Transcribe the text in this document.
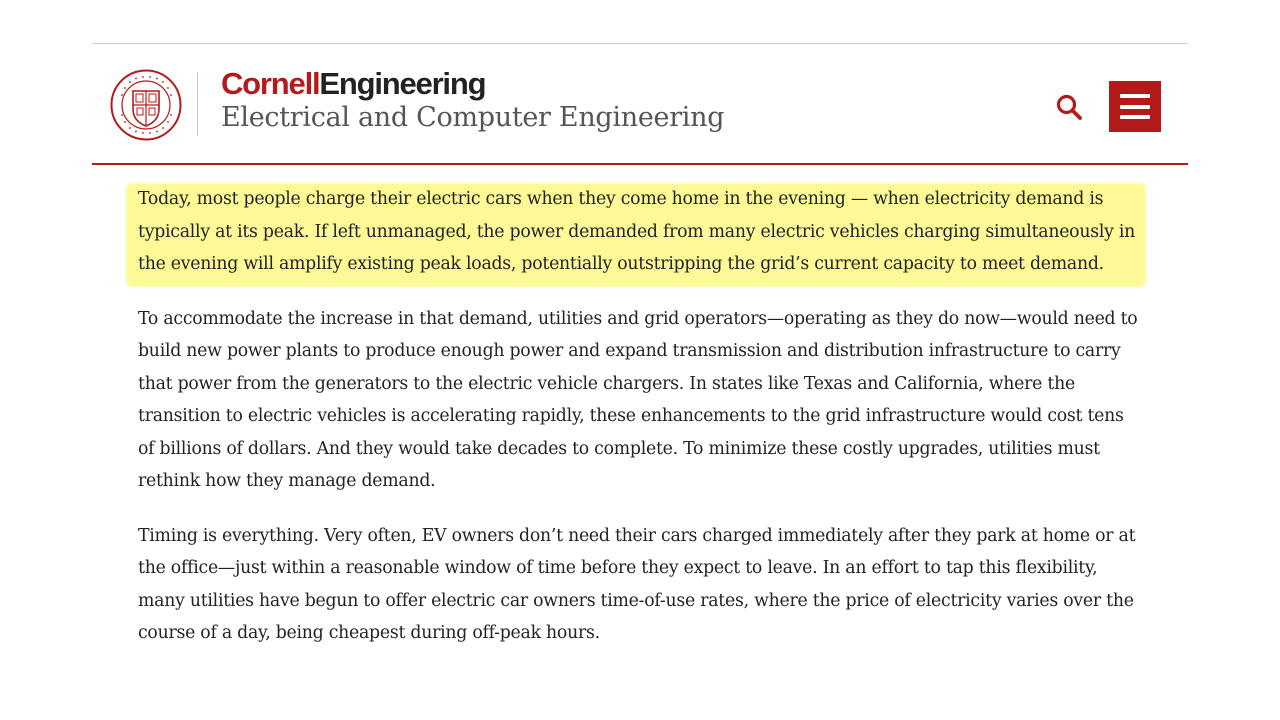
CornellEngineering
Electrical and Computer Engineering

Today, most people charge their electric cars when they come home in the evening — when electricity demand is typically at its peak. If left unmanaged, the power demanded from many electric vehicles charging simultaneously in the evening will amplify existing peak loads, potentially outstripping the grid’s current capacity to meet demand.

To accommodate the increase in that demand, utilities and grid operators—operating as they do now—would need to build new power plants to produce enough power and expand transmission and distribution infrastructure to carry that power from the generators to the electric vehicle chargers. In states like Texas and California, where the transition to electric vehicles is accelerating rapidly, these enhancements to the grid infrastructure would cost tens of billions of dollars. And they would take decades to complete. To minimize these costly upgrades, utilities must rethink how they manage demand.

Timing is everything. Very often, EV owners don’t need their cars charged immediately after they park at home or at the office—just within a reasonable window of time before they expect to leave. In an effort to tap this flexibility, many utilities have begun to offer electric car owners time-of-use rates, where the price of electricity varies over the course of a day, being cheapest during off-peak hours.
